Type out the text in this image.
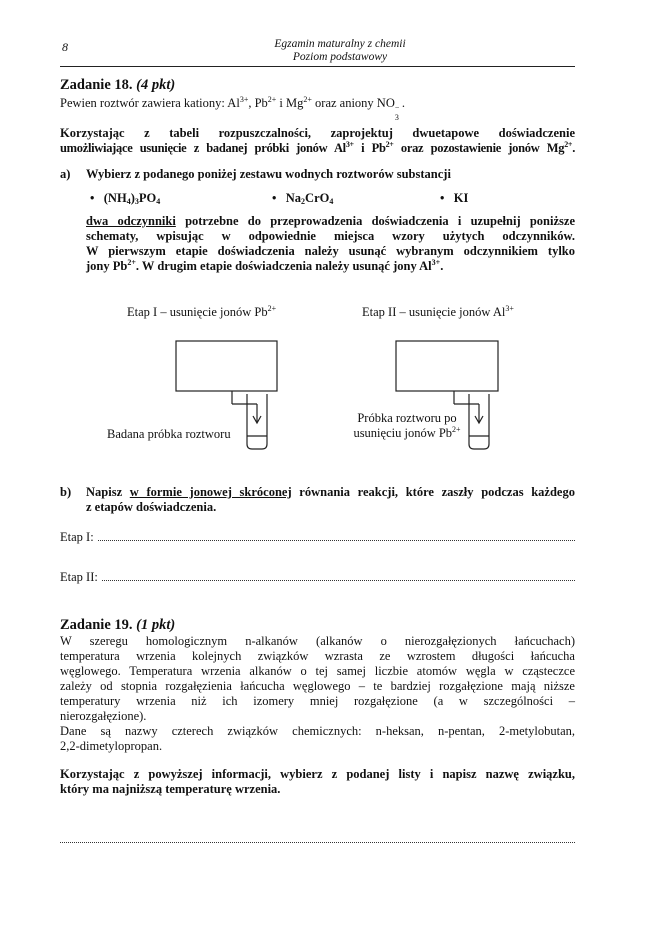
8	Egzamin maturalny z chemii
Poziom podstawowy
Zadanie 18. (4 pkt)
Pewien roztwór zawiera kationy: $Al^{3+}$, $Pb^{2+}$ i $Mg^{2+}$ oraz aniony NO −
3
.
Korzystając z tabeli rozpuszczalności, zaprojektuj dwuetapowe doświadczenie
umożliwiające usunięcie z badanej próbki jonów $Al^{3+}$ i $Pb^{2+}$ oraz pozostawienie jonów $Mg^{2+}$.
a) Wybierz z podanego poniżej zestawu wodnych roztworów substancji
• $(NH_4)_3PO_4$	• $Na_2CrO_4$	• KI
dwa odczynniki potrzebne do przeprowadzenia doświadczenia i uzupełnij poniższe
schematy, wpisując w odpowiednie miejsca wzory użytych odczynników.
W pierwszym etapie doświadczenia należy usunąć wybranym odczynnikiem tylko
jony $Pb^{2+}$. W drugim etapie doświadczenia należy usunąć jony $Al^{3+}$.
Etap I – usunięcie jonów $Pb^{2+}$	Etap II – usunięcie jonów $Al^{3+}$
Badana próbka roztworu
Próbka roztworu po
usunięciu jonów $Pb^{2+}$
b) Napisz w formie jonowej skróconej równania reakcji, które zaszły podczas każdego
z etapów doświadczenia.
Etap I:
Etap II:
Zadanie 19. (1 pkt)
W szeregu homologicznym n-alkanów (alkanów o nierozgałęzionych łańcuchach)
temperatura wrzenia kolejnych związków wzrasta ze wzrostem długości łańcucha
węglowego. Temperatura wrzenia alkanów o tej samej liczbie atomów węgla w cząsteczce
zależy od stopnia rozgałęzienia łańcucha węglowego – te bardziej rozgałęzione mają niższe
temperatury wrzenia niż ich izomery mniej rozgałęzione (a w szczególności –
nierozgałęzione).
Dane są nazwy czterech związków chemicznych: n-heksan, n-pentan, 2-metylobutan,
2,2-dimetylopropan.
Korzystając z powyższej informacji, wybierz z podanej listy i napisz nazwę związku,
który ma najniższą temperaturę wrzenia.
